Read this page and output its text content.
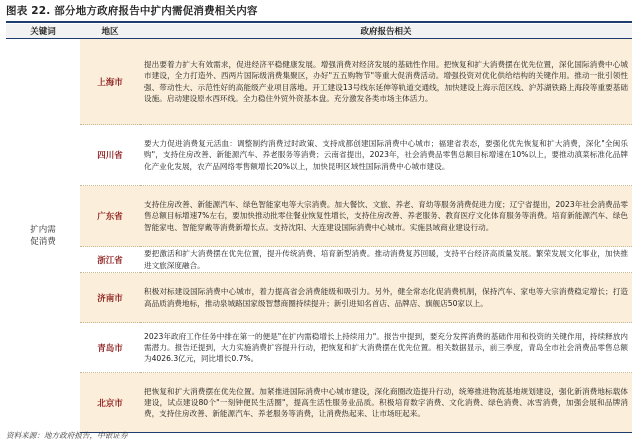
图表 22. 部分地方政府报告中扩内需促消费相关内容
关键词	地区	政府报告相关
扩内需促消费	上海市	提出要着力扩大有效需求，促进经济平稳健康发展。增强消费对经济发展的基础性作用。把恢复和扩大消费摆在优先位置，深化国际消费中心城市建设，全力打造外、西两片国际级消费集聚区，办好"五五购物节"等重大促消费活动。增强投资对优化供给结构的关键作用。推动一批引领性强、带动性大、示范性好的高能级产业项目落地。开工建设13号线东延伸等轨道交通线，加快建设上海示范区线、沪苏湖铁路上海段等重要基础设施。启动建设原水西环线。全力稳住外贸外资基本盘。充分激发各类市场主体活力。
	四川省	要大力促进消费复元活血：调整制约消费过时政策、支持成都创建国际消费中心城市；福建省表态，要强化优先恢复和扩大消费，深化"全闽乐购"，支持住房改善、新能源汽车、养老服务等消费；云南省提出，2023年，社会消费品零售总额目标增速在10%以上，要推动滇菜标准化品牌化产业化发展，农产品网络零售额增长20%以上，加快昆明区域性国际消费中心城市建设。
	广东省	支持住房改善、新能源汽车、绿色智能家电等大宗消费。加大餐饮、文旅、养老、育幼等服务消费促进力度；辽宁省提出，2023年社会消费品零售总额目标增速7%左右，要加快推动批零住餐业恢复性增长，支持住房改善、养老服务、教育医疗文化体育服务等消费。培育新能源汽车、绿色智能家电、智能穿戴等消费新增长点。支持沈阳、大连建设国际消费中心城市。实施县域商业建设行动。
	浙江省	要把激活和扩大消费摆在优先位置，提升传统消费、培育新型消费。推动消费复苏回暖，支持平台经济高质量发展。繁荣发展文化事业，加快推进文旅深度融合。
	济南市	积极对标建设国际消费中心城市，着力提高省会消费能级和吸引力。另外，健全常态化促消费机制，保持汽车、家电等大宗消费稳定增长；打造高品质消费地标，推动泉城路国家级智慧商圈持续提升；新引进知名首店、品牌店、旗舰店50家以上。
	青岛市	2023年政府工作任务中排在第一的便是"在扩内需稳增长上持续用力"。报告中提到，要充分发挥消费的基础作用和投资的关键作用，持续释放内需潜力。报告还提到，大力实施消费扩容提升行动，把恢复和扩大消费摆在优先位置。相关数据显示，前三季度，青岛全市社会消费品零售总额为4026.3亿元，同比增长0.7%。
	北京市	把恢复和扩大消费摆在优先位置。加紧推进国际消费中心城市建设，深化商圈改造提升行动，统筹推进物流基地规划建设，强化新消费地标载体建设，试点建设80个"一刻钟便民生活圈"，提高生活性服务业品质。积极培育数字消费、文化消费、绿色消费、冰雪消费，加强会展和品牌消费，支持住房改善、新能源汽车、养老服务等消费，让消费热起来、让市场旺起来。
资料来源：地方政府报告，中银证券
